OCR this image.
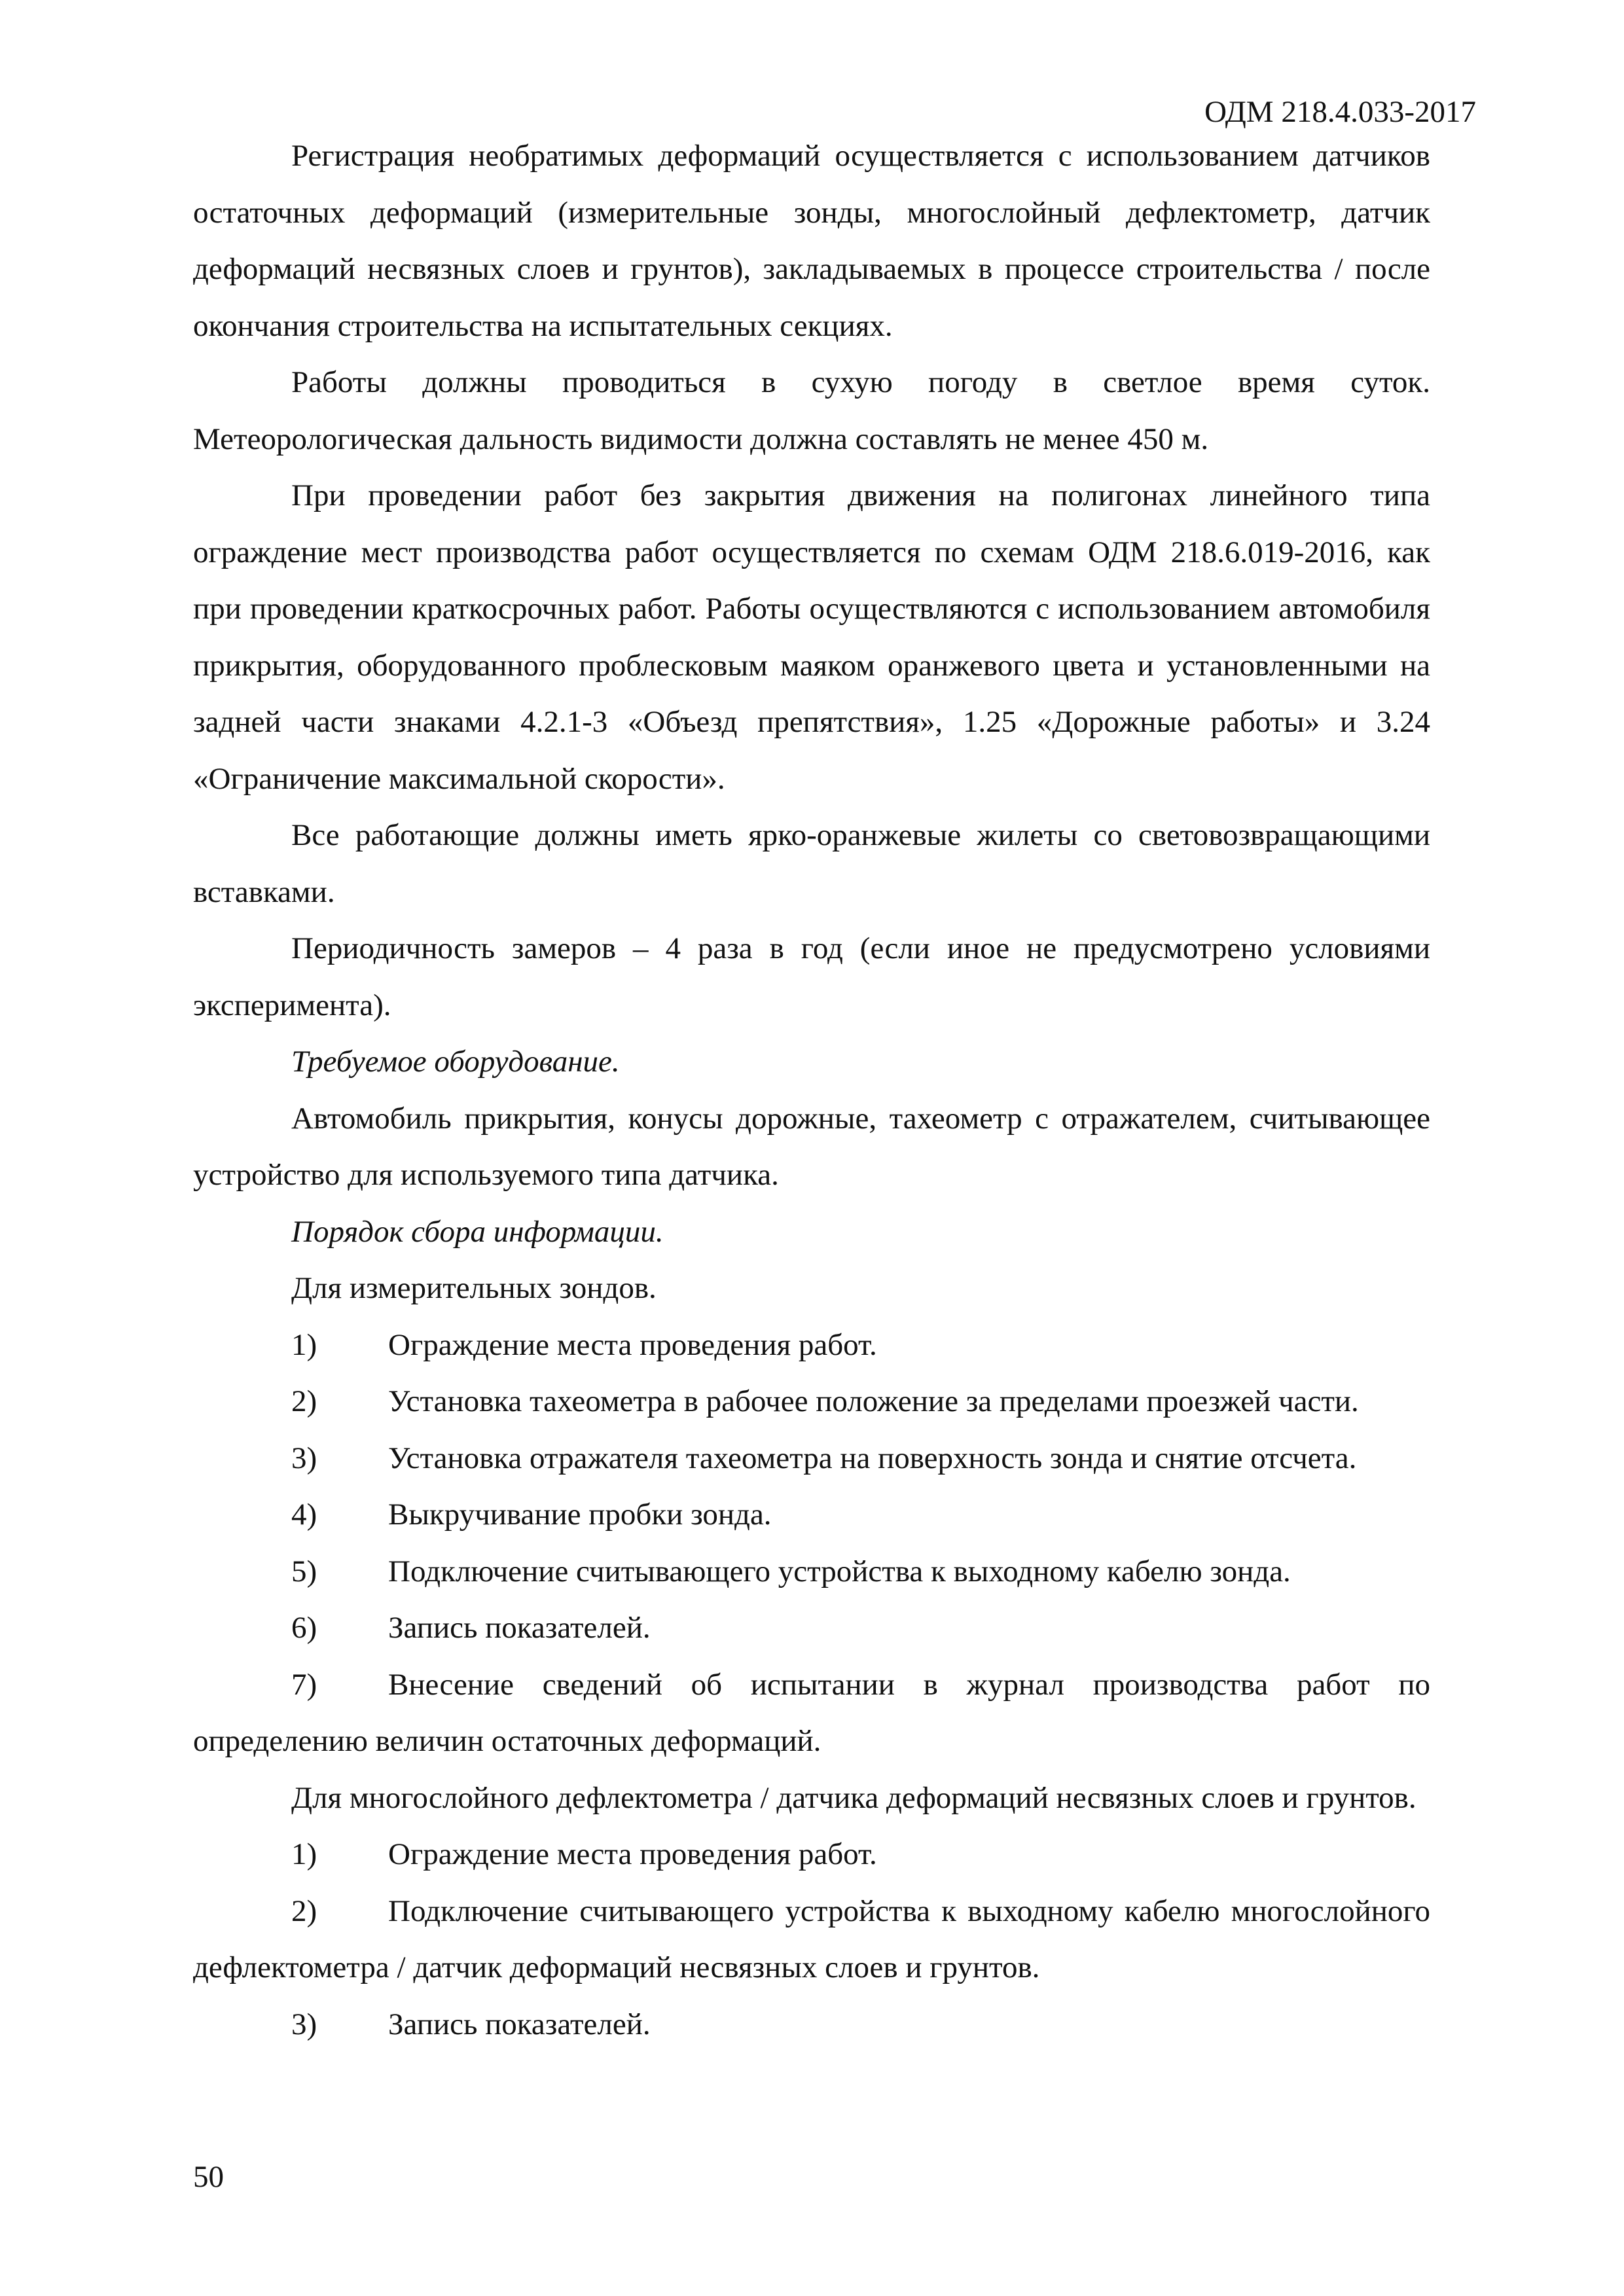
ОДМ 218.4.033-2017

Регистрация необратимых деформаций осуществляется с использованием датчиков остаточных деформаций (измерительные зонды, многослойный дефлектометр, датчик деформаций несвязных слоев и грунтов), закладываемых в процессе строительства / после окончания строительства на испытательных секциях.

Работы должны проводиться в сухую погоду в светлое время суток. Метеорологическая дальность видимости должна составлять не менее 450 м.

При проведении работ без закрытия движения на полигонах линейного типа ограждение мест производства работ осуществляется по схемам ОДМ 218.6.019-2016, как при проведении краткосрочных работ. Работы осуществляются с использованием автомобиля прикрытия, оборудованного проблесковым маяком оранжевого цвета и установленными на задней части знаками 4.2.1-3 «Объезд препятствия», 1.25 «Дорожные работы» и 3.24 «Ограничение максимальной скорости».

Все работающие должны иметь ярко-оранжевые жилеты со световозвращающими вставками.

Периодичность замеров – 4 раза в год (если иное не предусмотрено условиями эксперимента).

Требуемое оборудование.

Автомобиль прикрытия, конусы дорожные, тахеометр с отражателем, считывающее устройство для используемого типа датчика.

Порядок сбора информации.

Для измерительных зондов.

1) Ограждение места проведения работ.

2) Установка тахеометра в рабочее положение за пределами проезжей части.

3) Установка отражателя тахеометра на поверхность зонда и снятие отсчета.

4) Выкручивание пробки зонда.

5) Подключение считывающего устройства к выходному кабелю зонда.

6) Запись показателей.

7) Внесение сведений об испытании в журнал производства работ по определению величин остаточных деформаций.

Для многослойного дефлектометра / датчика деформаций несвязных слоев и грунтов.

1) Ограждение места проведения работ.

2) Подключение считывающего устройства к выходному кабелю многослойного дефлектометра / датчик деформаций несвязных слоев и грунтов.

3) Запись показателей.

50
